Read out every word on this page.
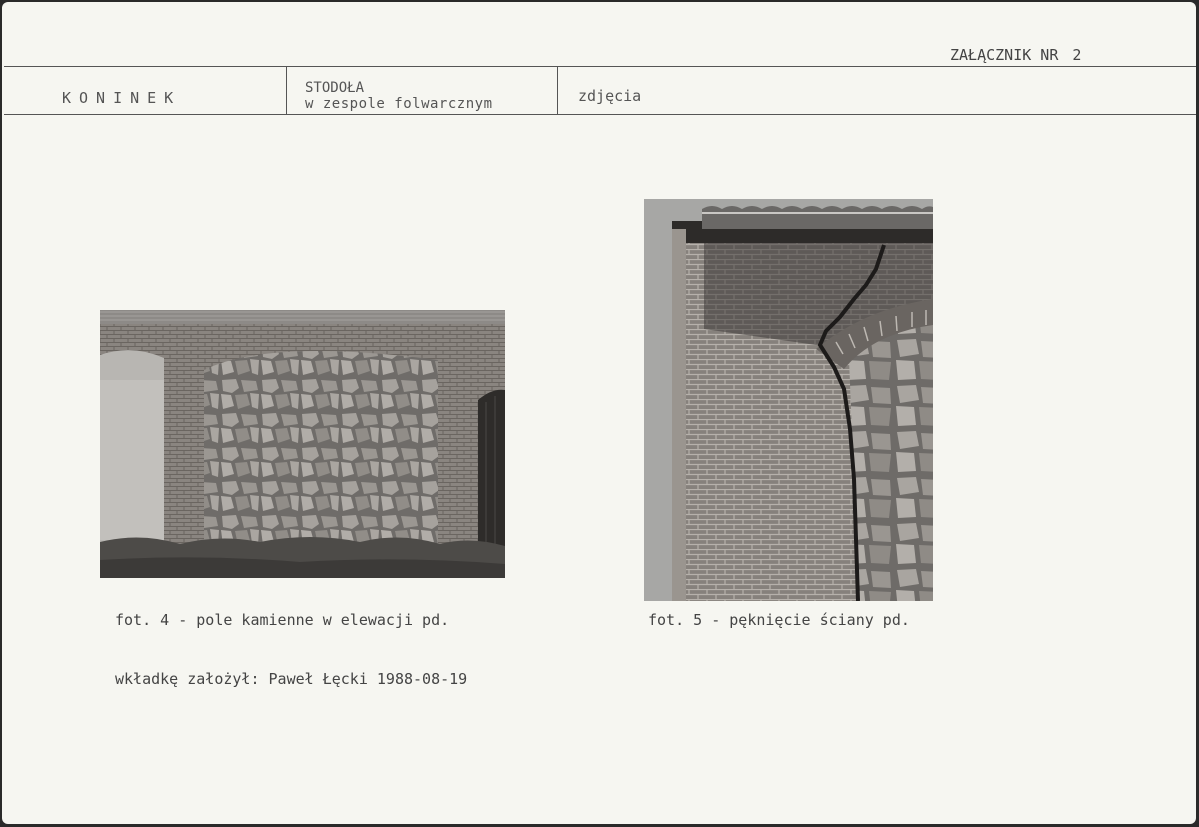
ZAŁĄCZNIK NR 2
KONINEK
STODOŁA
w zespole folwarcznym	zdjęcia
fot. 4 - pole kamienne w elewacji pd.	fot. 5 - pęknięcie ściany pd.
wkładkę założył: Paweł Łęcki 1988-08-19
